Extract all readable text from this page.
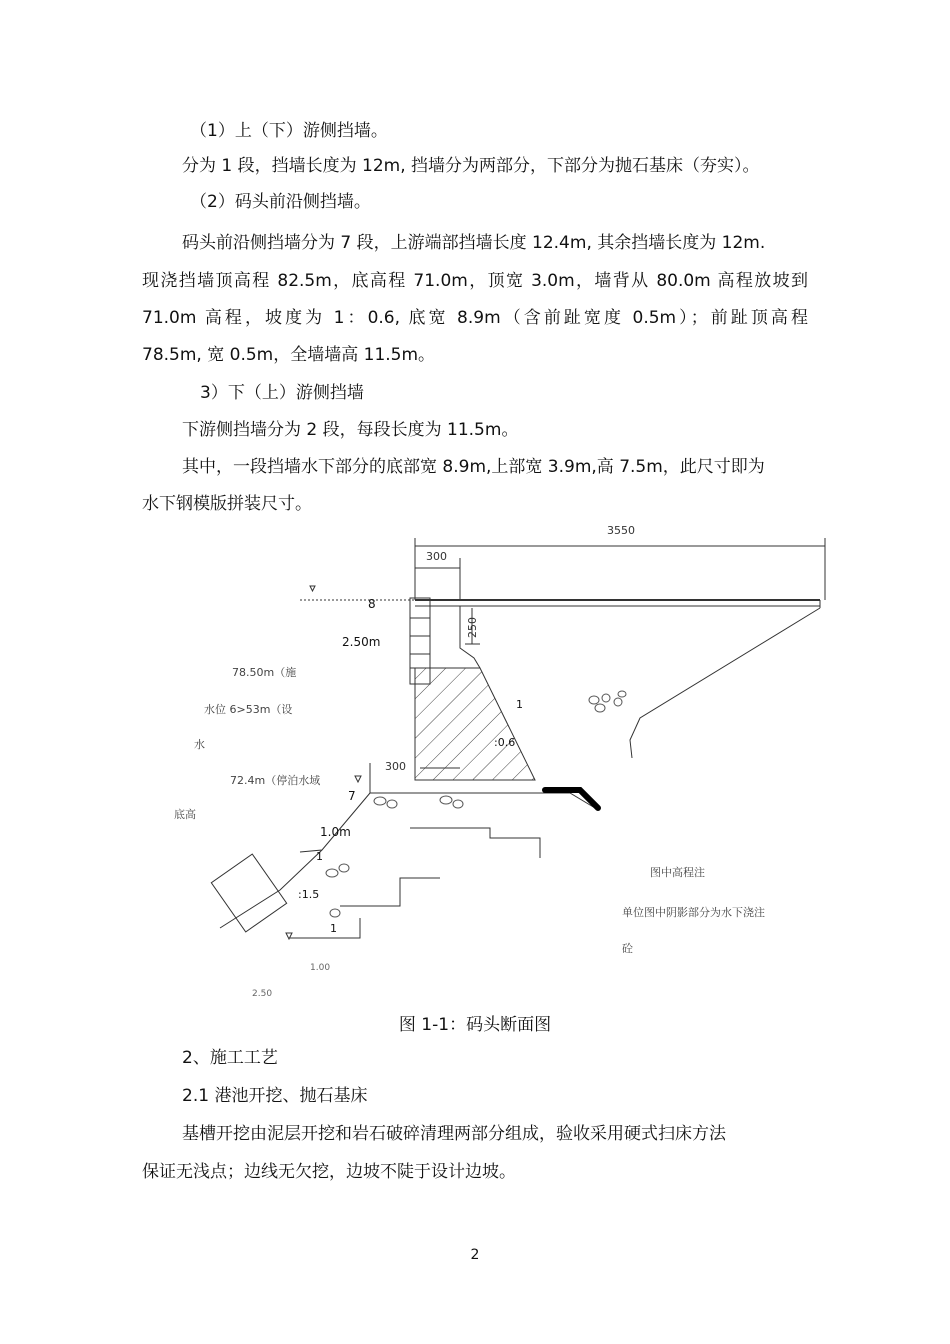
（1）上（下）游侧挡墙。
分为 1 段，挡墙长度为 12m, 挡墙分为两部分，下部分为抛石基床（夯实）。
（2）码头前沿侧挡墙。
码头前沿侧挡墙分为 7 段，上游端部挡墙长度 12.4m, 其余挡墙长度为 12m.
现浇挡墙顶高程 82.5m，底高程 71.0m，顶宽 3.0m，墙背从 80.0m 高程放坡到
71.0m 高程，坡度为 1：0.6, 底宽 8.9m（含前趾宽度 0.5m）；前趾顶高程
78.5m, 宽 0.5m，全墙墙高 11.5m。
3）下（上）游侧挡墙
下游侧挡墙分为 2 段，每段长度为 11.5m。
其中，一段挡墙水下部分的底部宽 8.9m,上部宽 3.9m,高 7.5m，此尺寸即为
水下钢模版拼装尺寸。
3550
300
250
300
8
2.50m
78.50m（施
水位 6>53m（设
水
72.4m（停泊水域
底高
7
1.0m
1
:0.6
1
:1.5
1
图中高程注
单位图中阴影部分为水下浇注
砼
1.00
2.50
图 1-1：码头断面图
2、施工工艺
2.1 港池开挖、抛石基床
基槽开挖由泥层开挖和岩石破碎清理两部分组成，验收采用硬式扫床方法
保证无浅点；边线无欠挖，边坡不陡于设计边坡。
2
